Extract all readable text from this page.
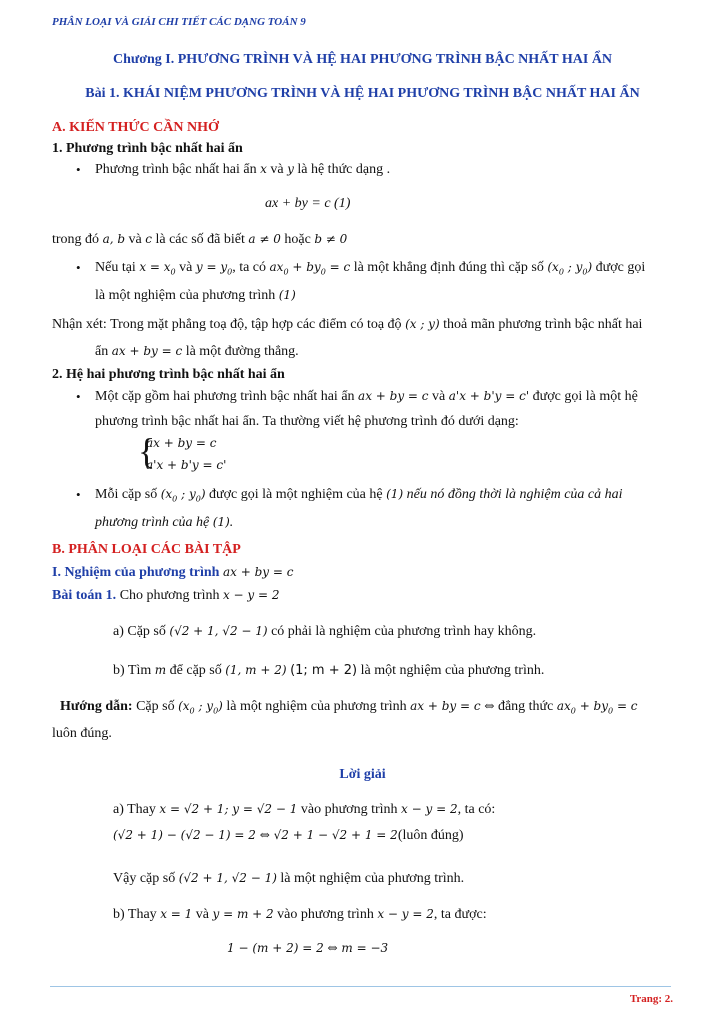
PHÂN LOẠI VÀ GIẢI CHI TIẾT CÁC DẠNG TOÁN 9
Chương I. PHƯƠNG TRÌNH VÀ HỆ HAI PHƯƠNG TRÌNH BẬC NHẤT HAI ẨN
Bài 1. KHÁI NIỆM PHƯƠNG TRÌNH VÀ HỆ HAI PHƯƠNG TRÌNH BẬC NHẤT HAI ẨN
A. KIẾN THỨC CẦN NHỚ
1. Phương trình bậc nhất hai ẩn
• Phương trình bậc nhất hai ẩn x và y là hệ thức dạng .
ax + by = c (1)
trong đó a, b và c là các số đã biết a ≠ 0 hoặc b ≠ 0
• Nếu tại $x = x_0$ và $y = y_0$, ta có $ax_0 + by_0 = c$ là một khẳng định đúng thì cặp số ($x_0$ ; $y_0$) được gọi
là một nghiệm của phương trình (1)
Nhận xét: Trong mặt phẳng toạ độ, tập hợp các điểm có toạ độ (x ; y) thoả mãn phương trình bậc nhất hai
ẩn ax + by = c là một đường thẳng.
2. Hệ hai phương trình bậc nhất hai ẩn
• Một cặp gồm hai phương trình bậc nhất hai ẩn ax + by = c và a'x + b'y = c' được gọi là một hệ
phương trình bậc nhất hai ẩn. Ta thường viết hệ phương trình đó dưới dạng:
{
ax + by = c
a'x + b'y = c'
• Mỗi cặp số ($x_0$ ; $y_0$) được gọi là một nghiệm của hệ (1) nếu nó đồng thời là nghiệm của cả hai
phương trình của hệ (1).
B. PHÂN LOẠI CÁC BÀI TẬP
I. Nghiệm của phương trình ax + by = c
Bài toán 1. Cho phương trình x − y = 2
a) Cặp số (√2 + 1, √2 − 1) có phải là nghiệm của phương trình hay không.
b) Tìm m để cặp số (1, m + 2) (1; m + 2) là một nghiệm của phương trình.
Hướng dẫn: Cặp số ($x_0$ ; $y_0$) là một nghiệm của phương trình ax + by = c ⇔ đẳng thức $ax_0 + by_0 = c$
luôn đúng.
Lời giải
a) Thay x = √2 + 1; y = √2 − 1 vào phương trình x − y = 2, ta có:
(√2 + 1) − (√2 − 1) = 2 ⇔ √2 + 1 − √2 + 1 = 2(luôn đúng)
Vậy cặp số (√2 + 1, √2 − 1) là một nghiệm của phương trình.
b) Thay x = 1 và y = m + 2 vào phương trình x − y = 2, ta được:
1 − (m + 2) = 2 ⇔ m = −3
Trang: 2.
